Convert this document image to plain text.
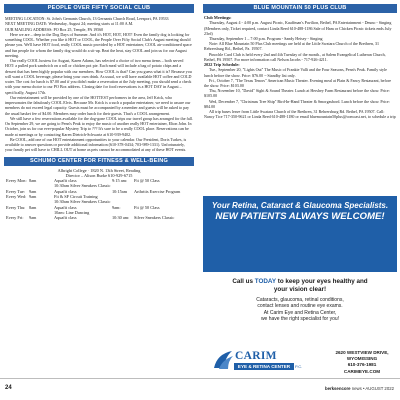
PEOPLE OVER FIFTY SOCIAL CLUB

MEETING LOCATION: St. John's Gernants Church, 13 Gernants Church Road, Leesport, PA 19533

NEXT MEETING DATE: Wednesday, August 24; meeting starts at 11:00 A.M.

OUR MAILING ADDRESS: PO Box 25, Temple, PA 19560

Here we are – deep in the Dog Days of Summer. And it's HOT, HOT, HOT! Even the family dog is looking for something COOL. Whether you like it HOT or COOL, the People Over Fifty Social Club's August meeting should please you. We'll have HOT food, really COOL music provided by a HOT entertainer, COOL air-conditioned space and fun people for whom the family dog would do a sit-up. Beat the heat, stay COOL and join us for our August meeting.

Our really COOL hostess for August, Karen Adams, has selected a choice of two menu items – both served HOT: a pulled pork sandwich on a roll or chicken pot pie. Each meal will include a bag of potato chips and a dessert that has been highly popular with our members. How COOL is that? Can you guess what it is? Because you will want a COOL beverage, please bring your own drink. As usual, we will have available HOT coffee and COLD water. The cost for lunch is $7.00 and if you didn't make a reservation at the July meeting, you should send a check with your menu choice to our PO Box address. Closing date for food reservations is a HOT DAY in August – specifically, August 17th.

Our entertainment will be provided by one of the HOTTEST performers in the area, Jeff Krick, who impersonates the fabulously COOL Elvis. Because Mr. Krick is a such a popular entertainer, we need to assure our members do not exceed legal capacity. Guests must be accompanied by a member and guests will be asked to pay the usual basket fee of $4.00. Members may order lunch for their guests. That's a COOL arrangement.

We still have a few reservations available for the dog-gone COOL trips our travel group has arranged for the fall. On September 29, we are going to Penn's Peak to enjoy the music of another really HOT entertainer, Elton John. In October, join us for our ever-popular Mystery Trip to ??? It's sure to be a really COOL place. Reservations can be made at meetings or by contacting Karen Dietrich-Schwartz at 610-939-9402.

Be COOL, add one of our HOT entertainment opportunities to your calendar. Our President, Doris Turkes, is available to answer questions or provide additional information (610-378-0434; 703-989-1331). Unfortunately, your family pet will have to CHILL OUT at home as pets cannot be accommodated at any of these HOT events.

SCHUMO CENTER FOR FITNESS & WELL-BEING
Albright College · 1820 N. 13th Street, Reading
Director – Alison Burke 610-929-6715
Every Mon: 8am	Aquafit class	9:15 am:	Fit @ 50 Class
10:30am Silver Sneakers Classic
Every Tue: 9am	Aquafit class	10:15am	Arthritis Exercise Program
Every Wed: 9am	Fit & SF Circuit Training
10:30am Silver Sneakers Classic
Every Thu: 8am	Aquafit class	9am:	Fit @ 50 Class
10am: Line Dancing
Every Fri:	9am	Aquafit class	10:30 am:	Silver Sneakers Classic
BLUE MOUNTAIN 50 PLUS CLUB
Club Meetings:

Thursday, August 4 - 4:00 p.m. August Picnic, Kauffman's Pavilion, Bethel, PA Entertainment - Deuno - Singing (Members only, Ticket required, contact Linda Reed 610-488-1186 Sale of Ham or Chicken Picnic tickets ends July 23rd)

Thursday, September 1 – 7:00 p.m. Program - Sandy Heisey - Singing

Note: All Blue Mountain 50 Plus Club meetings are held at the Little Swatara Church of the Brethren, 31 Rehrersburg Rd., Bethel, Pa. 19507.

Pinochle Card Club is held every 2nd and 4th Tuesday of the month., at Salem Evangelical Lutheran Church, Bethel, PA 19507. For more information call Nelson Jacobs - 717-926-4211.

2022 Trip Schedule:

Tue., September 20, "Lights Out" The Music of Frankie Valli and the Four Seasons, Penn's Peak. Family style lunch before the show. Price: $76.00 ~ Standby list only.

Fri., October 7, "The Texas Tenors" American Music Theater. Evening meal at Plain & Fancy Restaurant, before the show. Price: $103.00

Thu, November 10, "David" Sight & Sound Theater. Lunch at Hershey Farm Restaurant before the show. Price: $105.00

Wed, December 7, "Christmas Tree Ship" Bird-In-Hand Theater & Smorgasbord. Lunch before the show. Price: $84.00

All trip buses leave from Little Swatara Church of the Brethren, 31 Rehrersburg Rd. Bethel, PA 19507. Call: Nancy Tice 717-350-9621 or Linda Reed 610-488-1180 or email bluemountain50plus@comcast.net, to schedule a trip

Your Retina, Cataract & Glaucoma Specialists.
NEW PATIENTS ALWAYS WELCOME!
Call us TODAY to keep your eyes healthy and
your vision clear!
Cataracts, glaucoma, retinal conditions,
contact lenses and routine eye exams.
At Carim Eye and Retina Center,
we have the right specialist for you!
CARIM
EYE & RETINA CENTER	P.C.
2620 WESTVIEW DRIVE,
WYOMISSING
610-376-1981
CARIMEYE.COM
24	berksencore news • AUGUST 2022
